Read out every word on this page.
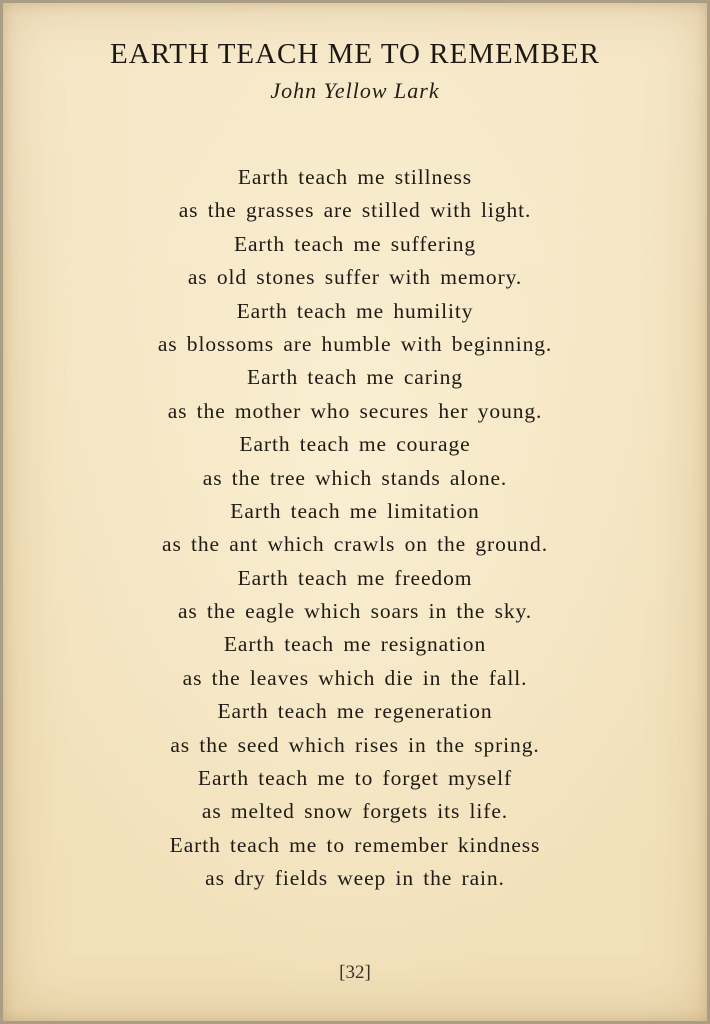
EARTH TEACH ME TO REMEMBER
John Yellow Lark
Earth teach me stillness
as the grasses are stilled with light.
Earth teach me suffering
as old stones suffer with memory.
Earth teach me humility
as blossoms are humble with beginning.
Earth teach me caring
as the mother who secures her young.
Earth teach me courage
as the tree which stands alone.
Earth teach me limitation
as the ant which crawls on the ground.
Earth teach me freedom
as the eagle which soars in the sky.
Earth teach me resignation
as the leaves which die in the fall.
Earth teach me regeneration
as the seed which rises in the spring.
Earth teach me to forget myself
as melted snow forgets its life.
Earth teach me to remember kindness
as dry fields weep in the rain.
[32]
